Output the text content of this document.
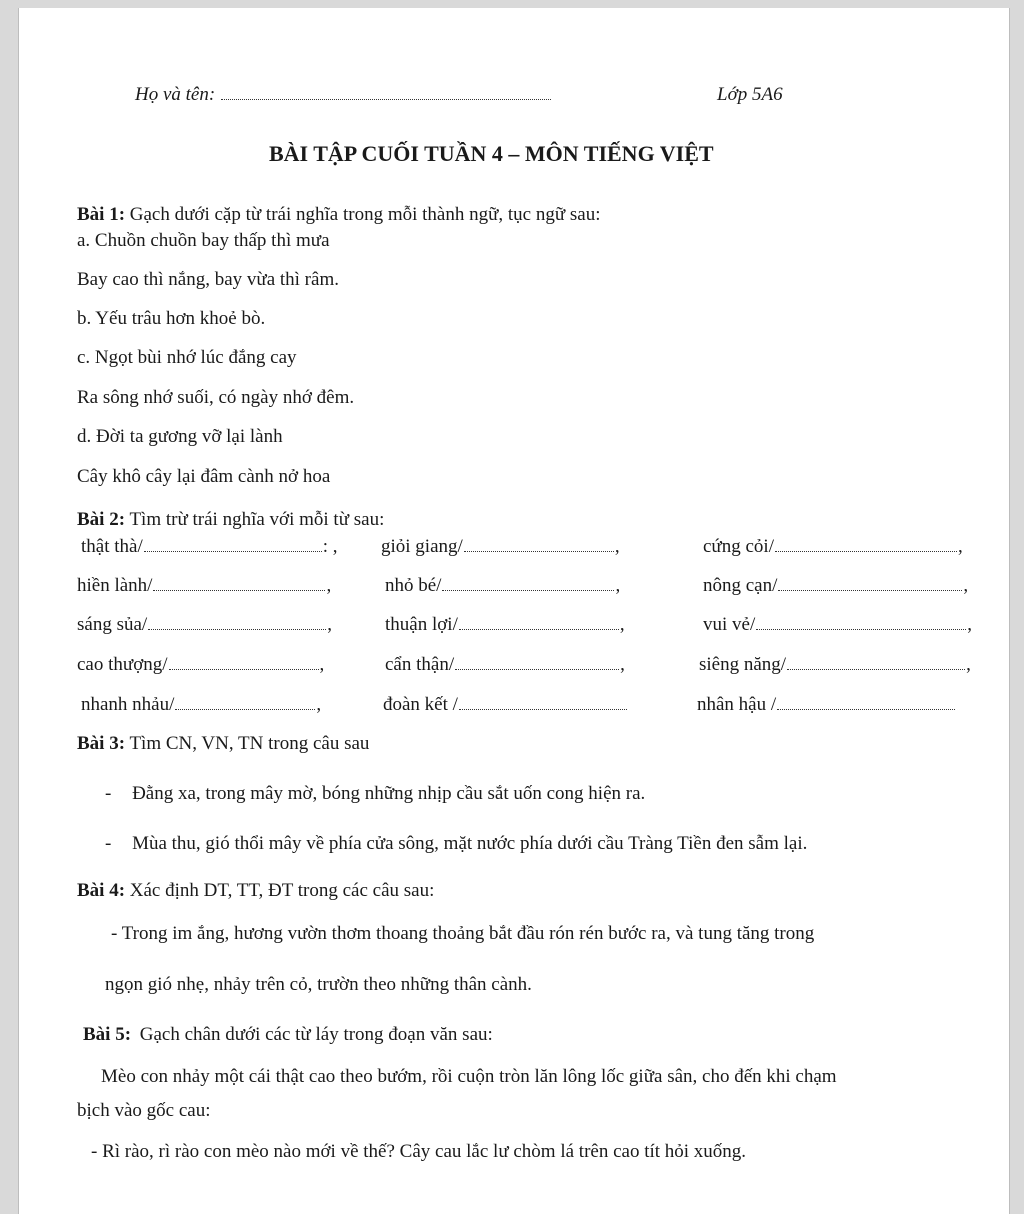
Họ và tên:	Lớp 5A6
BÀI TẬP CUỐI TUẦN 4 – MÔN TIẾNG VIỆT
Bài 1: Gạch dưới cặp từ trái nghĩa trong mỗi thành ngữ, tục ngữ sau:
a. Chuồn chuồn bay thấp thì mưa
Bay cao thì nắng, bay vừa thì râm.
b. Yếu trâu hơn khoẻ bò.
c. Ngọt bùi nhớ lúc đắng cay
Ra sông nhớ suối, có ngày nhớ đêm.
d. Đời ta gương vỡ lại lành
Cây khô cây lại đâm cành nở hoa
Bài 2: Tìm trừ trái nghĩa với mỗi từ sau:
thật thà/	: , giỏi giang/	,	cứng cỏi/	,
hiền lành/	,	nhỏ bé/	,	nông cạn/	,
sáng sủa/	,	thuận lợi/	,	vui vẻ/	,
cao thượng/	,	cẩn thận/	,	siêng năng/	,
nhanh nhảu/	,	đoàn kết /	nhân hậu /
Bài 3: Tìm CN, VN, TN trong câu sau
- Đằng xa, trong mây mờ, bóng những nhịp cầu sắt uốn cong hiện ra.
- Mùa thu, gió thổi mây về phía cửa sông, mặt nước phía dưới cầu Tràng Tiền đen sẫm lại.
Bài 4: Xác định DT, TT, ĐT trong các câu sau:
- Trong im ắng, hương vườn thơm thoang thoảng bắt đầu rón rén bước ra, và tung tăng trong
ngọn gió nhẹ, nhảy trên cỏ, trườn theo những thân cành.
Bài 5: Gạch chân dưới các từ láy trong đoạn văn sau:
Mèo con nhảy một cái thật cao theo bướm, rồi cuộn tròn lăn lông lốc giữa sân, cho đến khi chạm
bịch vào gốc cau:
- Rì rào, rì rào con mèo nào mới về thế? Cây cau lắc lư chòm lá trên cao tít hỏi xuống.
